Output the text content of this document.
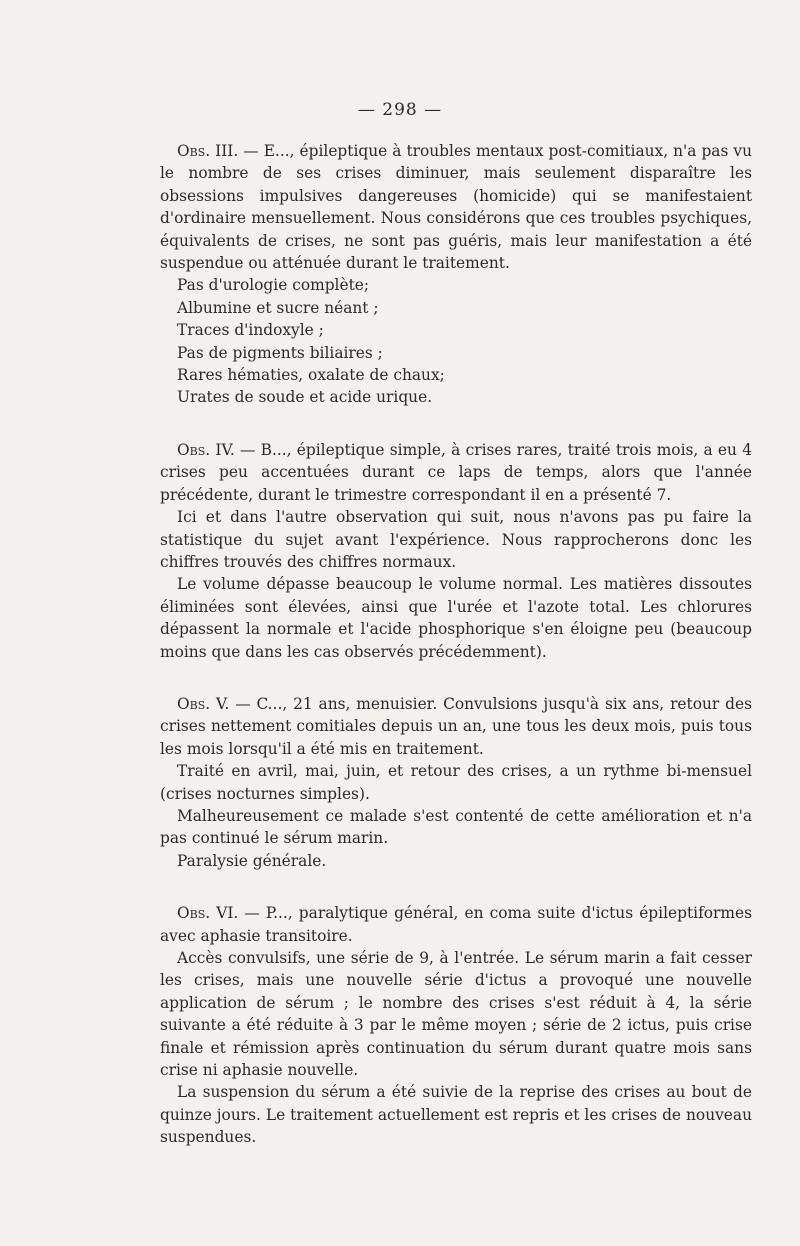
— 298 —

Obs. III. — E..., épileptique à troubles mentaux post-comitiaux, n'a pas vu le nombre de ses crises diminuer, mais seulement disparaître les obsessions impulsives dangereuses (homicide) qui se manifestaient d'ordinaire mensuellement. Nous considérons que ces troubles psychiques, équivalents de crises, ne sont pas guéris, mais leur manifestation a été suspendue ou atténuée durant le traitement.

Pas d'urologie complète;

Albumine et sucre néant ;

Traces d'indoxyle ;

Pas de pigments biliaires ;

Rares hématies, oxalate de chaux;

Urates de soude et acide urique.

Obs. IV. — B..., épileptique simple, à crises rares, traité trois mois, a eu 4 crises peu accentuées durant ce laps de temps, alors que l'année précédente, durant le trimestre correspondant il en a présenté 7.

Ici et dans l'autre observation qui suit, nous n'avons pas pu faire la statistique du sujet avant l'expérience. Nous rapprocherons donc les chiffres trouvés des chiffres normaux.

Le volume dépasse beaucoup le volume normal. Les matières dissoutes éliminées sont élevées, ainsi que l'urée et l'azote total. Les chlorures dépassent la normale et l'acide phosphorique s'en éloigne peu (beaucoup moins que dans les cas observés précédemment).

Obs. V. — C..., 21 ans, menuisier. Convulsions jusqu'à six ans, retour des crises nettement comitiales depuis un an, une tous les deux mois, puis tous les mois lorsqu'il a été mis en traitement.

Traité en avril, mai, juin, et retour des crises, a un rythme bi-mensuel (crises nocturnes simples).

Malheureusement ce malade s'est contenté de cette amélioration et n'a pas continué le sérum marin.

Paralysie générale.

Obs. VI. — P..., paralytique général, en coma suite d'ictus épileptiformes avec aphasie transitoire.

Accès convulsifs, une série de 9, à l'entrée. Le sérum marin a fait cesser les crises, mais une nouvelle série d'ictus a provoqué une nouvelle application de sérum ; le nombre des crises s'est réduit à 4, la série suivante a été réduite à 3 par le même moyen ; série de 2 ictus, puis crise finale et rémission après continuation du sérum durant quatre mois sans crise ni aphasie nouvelle.

La suspension du sérum a été suivie de la reprise des crises au bout de quinze jours. Le traitement actuellement est repris et les crises de nouveau suspendues.
